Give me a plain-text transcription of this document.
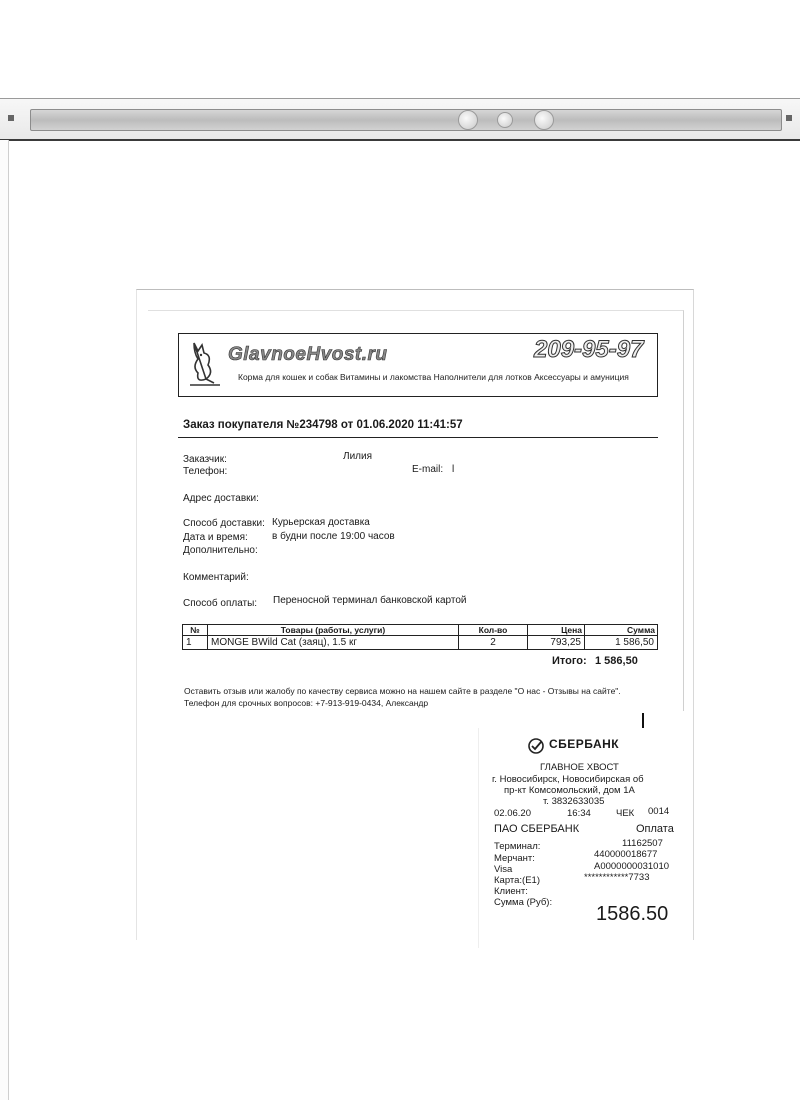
GlavnoeHvost.ru	209-95-97
Корма для кошек и собак Витамины и лакомства Наполнители для лотков Аксессуары и амуниция
Заказ покупателя №234798 от 01.06.2020 11:41:57
Заказчик:	Лилия
Телефон:	E-mail: l
Адрес доставки:
Способ доставки: Курьерская доставка
Дата и время: в будни после 19:00 часов
Дополнительно:
Комментарий:
Способ оплаты: Переносной терминал банковской картой
№	Товары (работы, услуги)	Кол-во	Цена	Сумма
1	MONGE BWild Cat (заяц), 1.5 кг	2	793,25	1 586,50
Итого: 1 586,50
Оставить отзыв или жалобу по качеству сервиса можно на нашем сайте в разделе "О нас - Отзывы на сайте".
Телефон для срочных вопросов: +7-913-919-0434, Александр
СБЕРБАНК
ГЛАВНОЕ ХВОСТ
г. Новосибирск, Новосибирская об
пр-кт Комсомольский, дом 1А
т. 3832633035
02.06.20	16:34	ЧЕК 0014
ПАО СБЕРБАНК	Оплата
Терминал:	11162507
Мерчант:	440000018677
Visa	A0000000031010
Карта:(E1)	************7733
Клиент:
Сумма (Руб):
1586.50
